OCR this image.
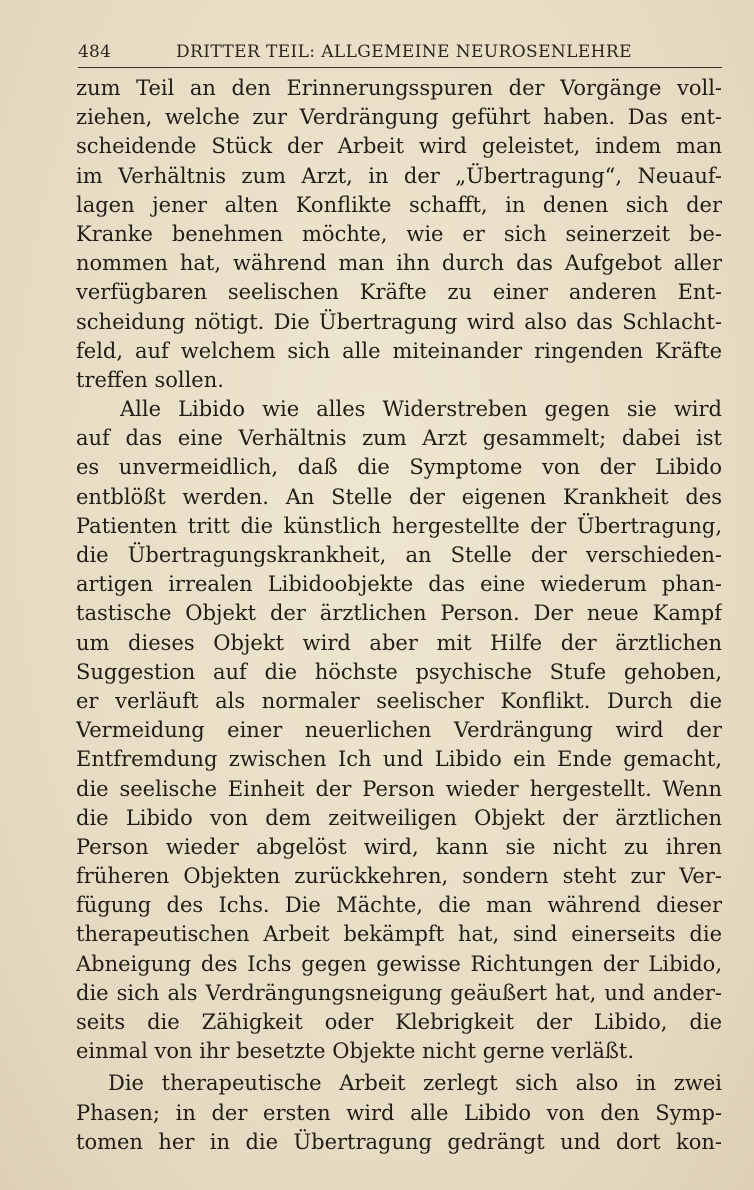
484	DRITTER TEIL: ALLGEMEINE NEUROSENLEHRE
zum Teil an den Erinnerungsspuren der Vorgänge voll-
ziehen, welche zur Verdrängung geführt haben. Das ent-
scheidende Stück der Arbeit wird geleistet, indem man
im Verhältnis zum Arzt, in der „Übertragung“, Neuauf-
lagen jener alten Konflikte schafft, in denen sich der
Kranke benehmen möchte, wie er sich seinerzeit be-
nommen hat, während man ihn durch das Aufgebot aller
verfügbaren seelischen Kräfte zu einer anderen Ent-
scheidung nötigt. Die Übertragung wird also das Schlacht-
feld, auf welchem sich alle miteinander ringenden Kräfte
treffen sollen.
Alle Libido wie alles Widerstreben gegen sie wird
auf das eine Verhältnis zum Arzt gesammelt; dabei ist
es unvermeidlich, daß die Symptome von der Libido
entblößt werden. An Stelle der eigenen Krankheit des
Patienten tritt die künstlich hergestellte der Übertragung,
die Übertragungskrankheit, an Stelle der verschieden-
artigen irrealen Libidoobjekte das eine wiederum phan-
tastische Objekt der ärztlichen Person. Der neue Kampf
um dieses Objekt wird aber mit Hilfe der ärztlichen
Suggestion auf die höchste psychische Stufe gehoben,
er verläuft als normaler seelischer Konflikt. Durch die
Vermeidung einer neuerlichen Verdrängung wird der
Entfremdung zwischen Ich und Libido ein Ende gemacht,
die seelische Einheit der Person wieder hergestellt. Wenn
die Libido von dem zeitweiligen Objekt der ärztlichen
Person wieder abgelöst wird, kann sie nicht zu ihren
früheren Objekten zurückkehren, sondern steht zur Ver-
fügung des Ichs. Die Mächte, die man während dieser
therapeutischen Arbeit bekämpft hat, sind einerseits die
Abneigung des Ichs gegen gewisse Richtungen der Libido,
die sich als Verdrängungsneigung geäußert hat, und ander-
seits die Zähigkeit oder Klebrigkeit der Libido, die
einmal von ihr besetzte Objekte nicht gerne verläßt.
Die therapeutische Arbeit zerlegt sich also in zwei
Phasen; in der ersten wird alle Libido von den Symp-
tomen her in die Übertragung gedrängt und dort kon-
